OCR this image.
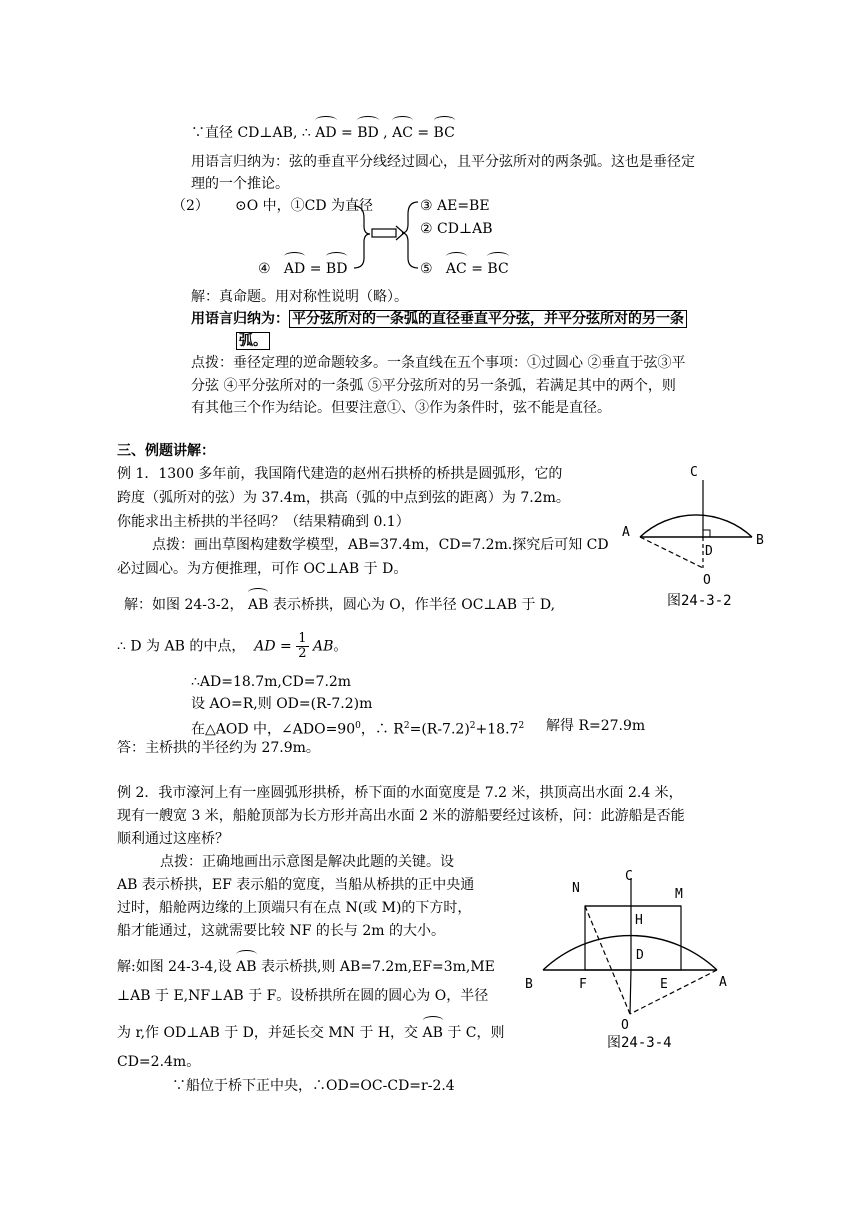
∵直径 CD⊥AB, ∴ AD = BD , AC = BC
用语言归纳为：弦的垂直平分线经过圆心，且平分弦所对的两条弧。这也是垂径定
理的一个推论。
（2） ⊙O 中，①CD 为直径
④ AD = BD
③ AE=BE
② CD⊥AB
⑤ AC = BC
解：真命题。用对称性说明（略）。
用语言归纳为： 平分弦所对的一条弧的直径垂直平分弦，并平分弦所对的另一条
弧。
点拨：垂径定理的逆命题较多。一条直线在五个事项：①过圆心 ②垂直于弦③平
分弦 ④平分弦所对的一条弧 ⑤平分弦所对的另一条弧，若满足其中的两个，则
有其他三个作为结论。但要注意①、③作为条件时，弦不能是直径。
三、例题讲解：
例 1．1300 多年前，我国隋代建造的赵州石拱桥的桥拱是圆弧形，它的
跨度（弧所对的弦）为 37.4m，拱高（弧的中点到弦的距离）为 7.2m。
你能求出主桥拱的半径吗？（结果精确到 0.1）
点拨：画出草图构建数学模型，AB=37.4m，CD=7.2m.探究后可知 CD
必过圆心。为方便推理，可作 OC⊥AB 于 D。
解：如图 24-3-2， AB 表示桥拱，圆心为 O，作半径 OC⊥AB 于 D,
∴ D 为 AB 的中点， AD = $\frac{1}{2}$ AB。
∴AD=18.7m,CD=7.2m
设 AO=R,则 OD=(R-7.2)m
在△AOD 中，$\angle ADO=90^0$，∴ $R^2=(R-7.2)^2+18.7^2$ 解得 R=27.9m
答：主桥拱的半径约为 27.9m。
C
A
B
D
O
图24-3-2
例 2．我市濠河上有一座圆弧形拱桥，桥下面的水面宽度是 7.2 米，拱顶高出水面 2.4 米，
现有一艘宽 3 米，船舱顶部为长方形并高出水面 2 米的游船要经过该桥，问：此游船是否能
顺利通过这座桥？
点拨：正确地画出示意图是解决此题的关键。设
AB 表示桥拱，EF 表示船的宽度，当船从桥拱的正中央通
过时，船舱两边缘的上顶端只有在点 N(或 M)的下方时，
船才能通过，这就需要比较 NF 的长与 2m 的大小。
解:如图 24-3-4,设 AB 表示桥拱,则 AB=7.2m,EF=3m,ME
⊥AB 于 E,NF⊥AB 于 F。设桥拱所在圆的圆心为 O，半径
为 r,作 OD⊥AB 于 D，并延长交 MN 于 H，交 AB 于 C，则
CD=2.4m。
∵船位于桥下正中央，∴OD=OC-CD=r-2.4
N
C
M
H
D
B	F	E	A
O
图24-3-4
